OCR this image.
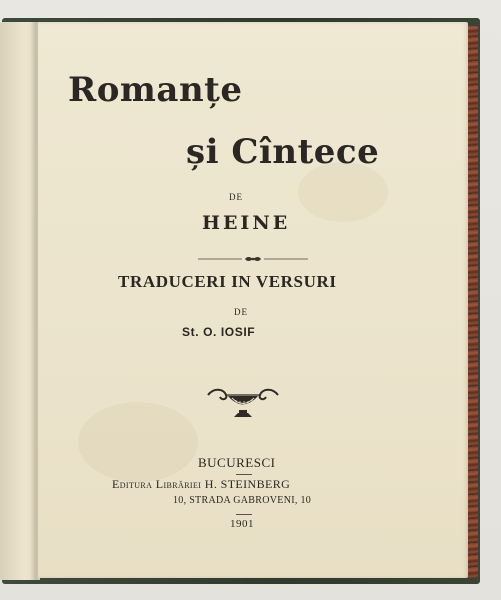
Romanțe
și Cîntece
DE
HEINE
TRADUCERI IN VERSURI
DE
St. O. IOSIF
BUCURESCI
Editura Librăriei H. STEINBERG
10, STRADA GABROVENI, 10
1901
